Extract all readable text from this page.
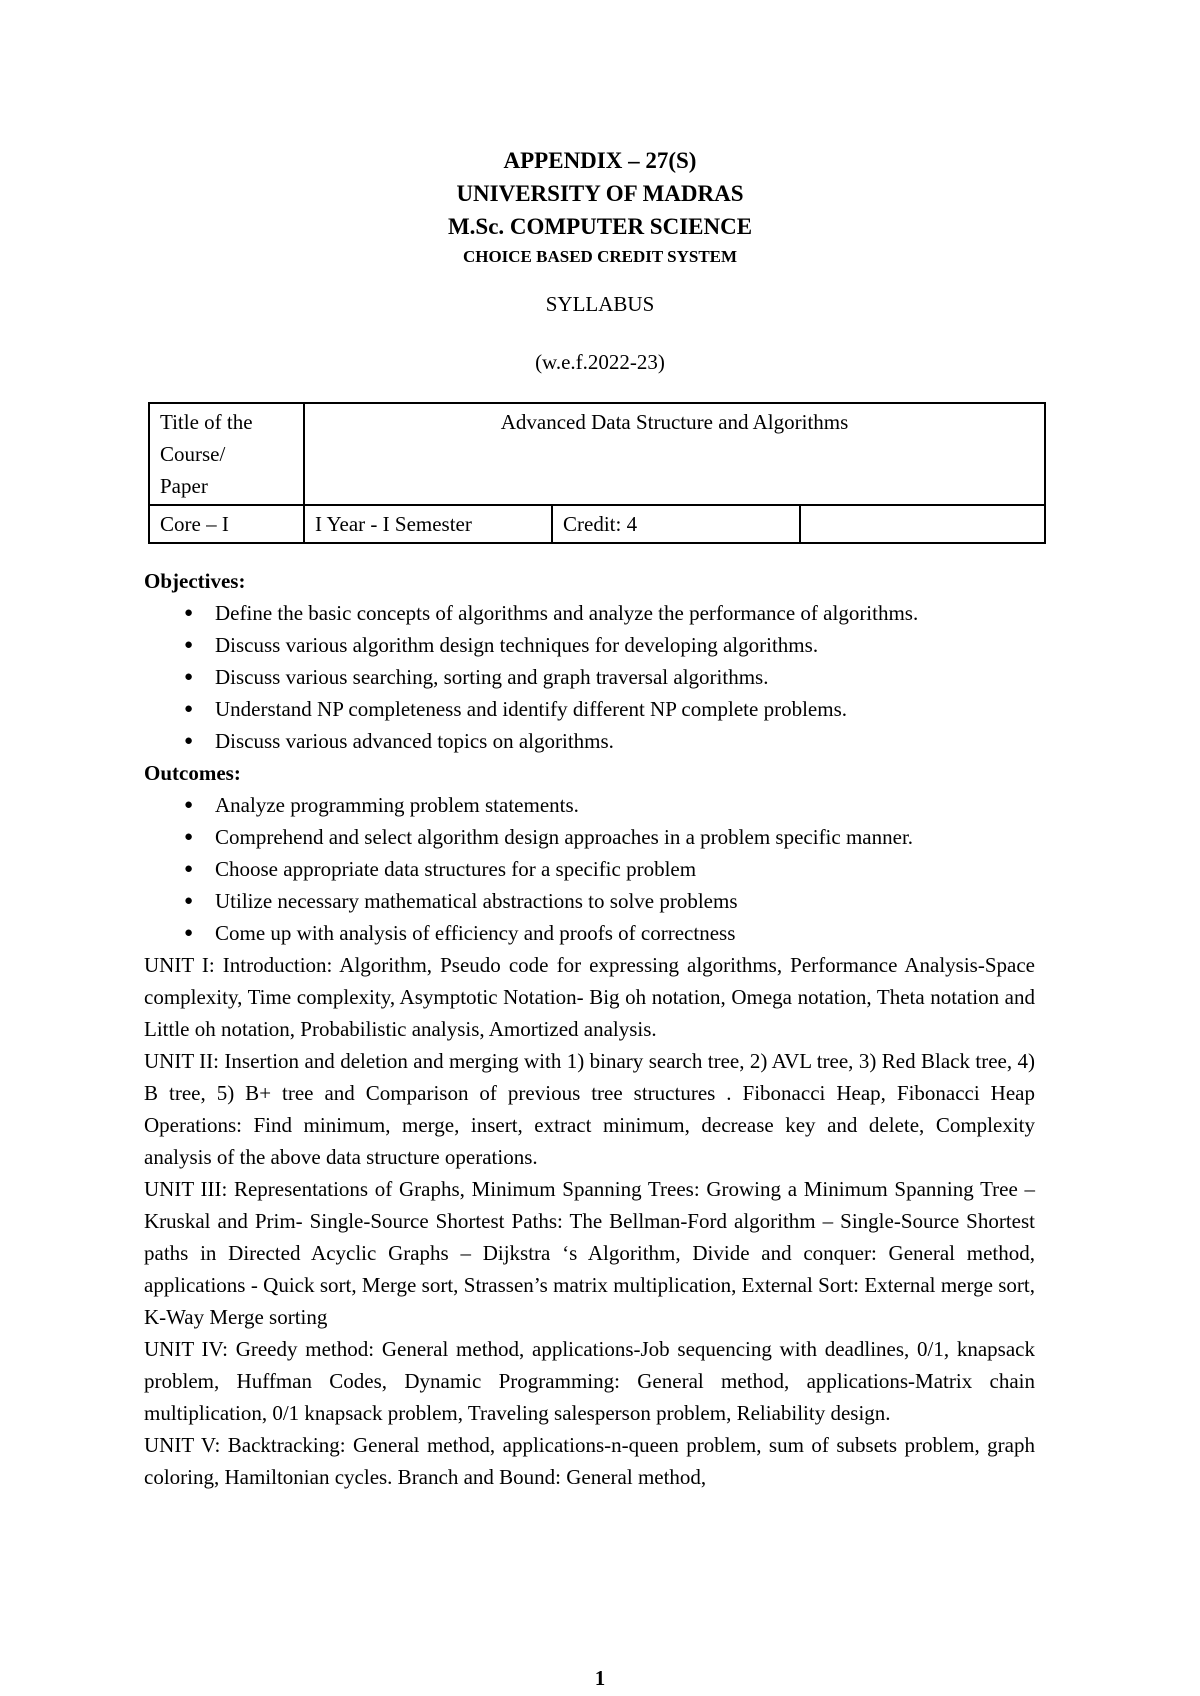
APPENDIX – 27(S)
UNIVERSITY OF MADRAS
M.Sc. COMPUTER SCIENCE
CHOICE BASED CREDIT SYSTEM
SYLLABUS
(w.e.f.2022-23)
Title of the
Course/
Paper	Advanced Data Structure and Algorithms		
Core – I	I Year - I Semester	Credit: 4	
Objectives:
● Define the basic concepts of algorithms and analyze the performance of algorithms.
● Discuss various algorithm design techniques for developing algorithms.
● Discuss various searching, sorting and graph traversal algorithms.
● Understand NP completeness and identify different NP complete problems.
● Discuss various advanced topics on algorithms.
Outcomes:
● Analyze programming problem statements.
● Comprehend and select algorithm design approaches in a problem specific manner.
● Choose appropriate data structures for a specific problem
● Utilize necessary mathematical abstractions to solve problems
● Come up with analysis of efficiency and proofs of correctness

UNIT I: Introduction: Algorithm, Pseudo code for expressing algorithms, Performance Analysis-Space complexity, Time complexity, Asymptotic Notation- Big oh notation, Omega notation, Theta notation and Little oh notation, Probabilistic analysis, Amortized analysis.

UNIT II: Insertion and deletion and merging with 1) binary search tree, 2) AVL tree, 3) Red Black tree, 4) B tree, 5) B+ tree and Comparison of previous tree structures . Fibonacci Heap, Fibonacci Heap Operations: Find minimum, merge, insert, extract minimum, decrease key and delete, Complexity analysis of the above data structure operations.

UNIT III: Representations of Graphs, Minimum Spanning Trees: Growing a Minimum Spanning Tree – Kruskal and Prim- Single-Source Shortest Paths: The Bellman-Ford algorithm – Single-Source Shortest paths in Directed Acyclic Graphs – Dijkstra ‘s Algorithm, Divide and conquer: General method, applications - Quick sort, Merge sort, Strassen’s matrix multiplication, External Sort: External merge sort, K-Way Merge sorting

UNIT IV: Greedy method: General method, applications-Job sequencing with deadlines, 0/1, knapsack problem, Huffman Codes, Dynamic Programming: General method, applications-Matrix chain multiplication, 0/1 knapsack problem, Traveling salesperson problem, Reliability design.

UNIT V: Backtracking: General method, applications-n-queen problem, sum of subsets problem, graph coloring, Hamiltonian cycles. Branch and Bound: General method,

1
